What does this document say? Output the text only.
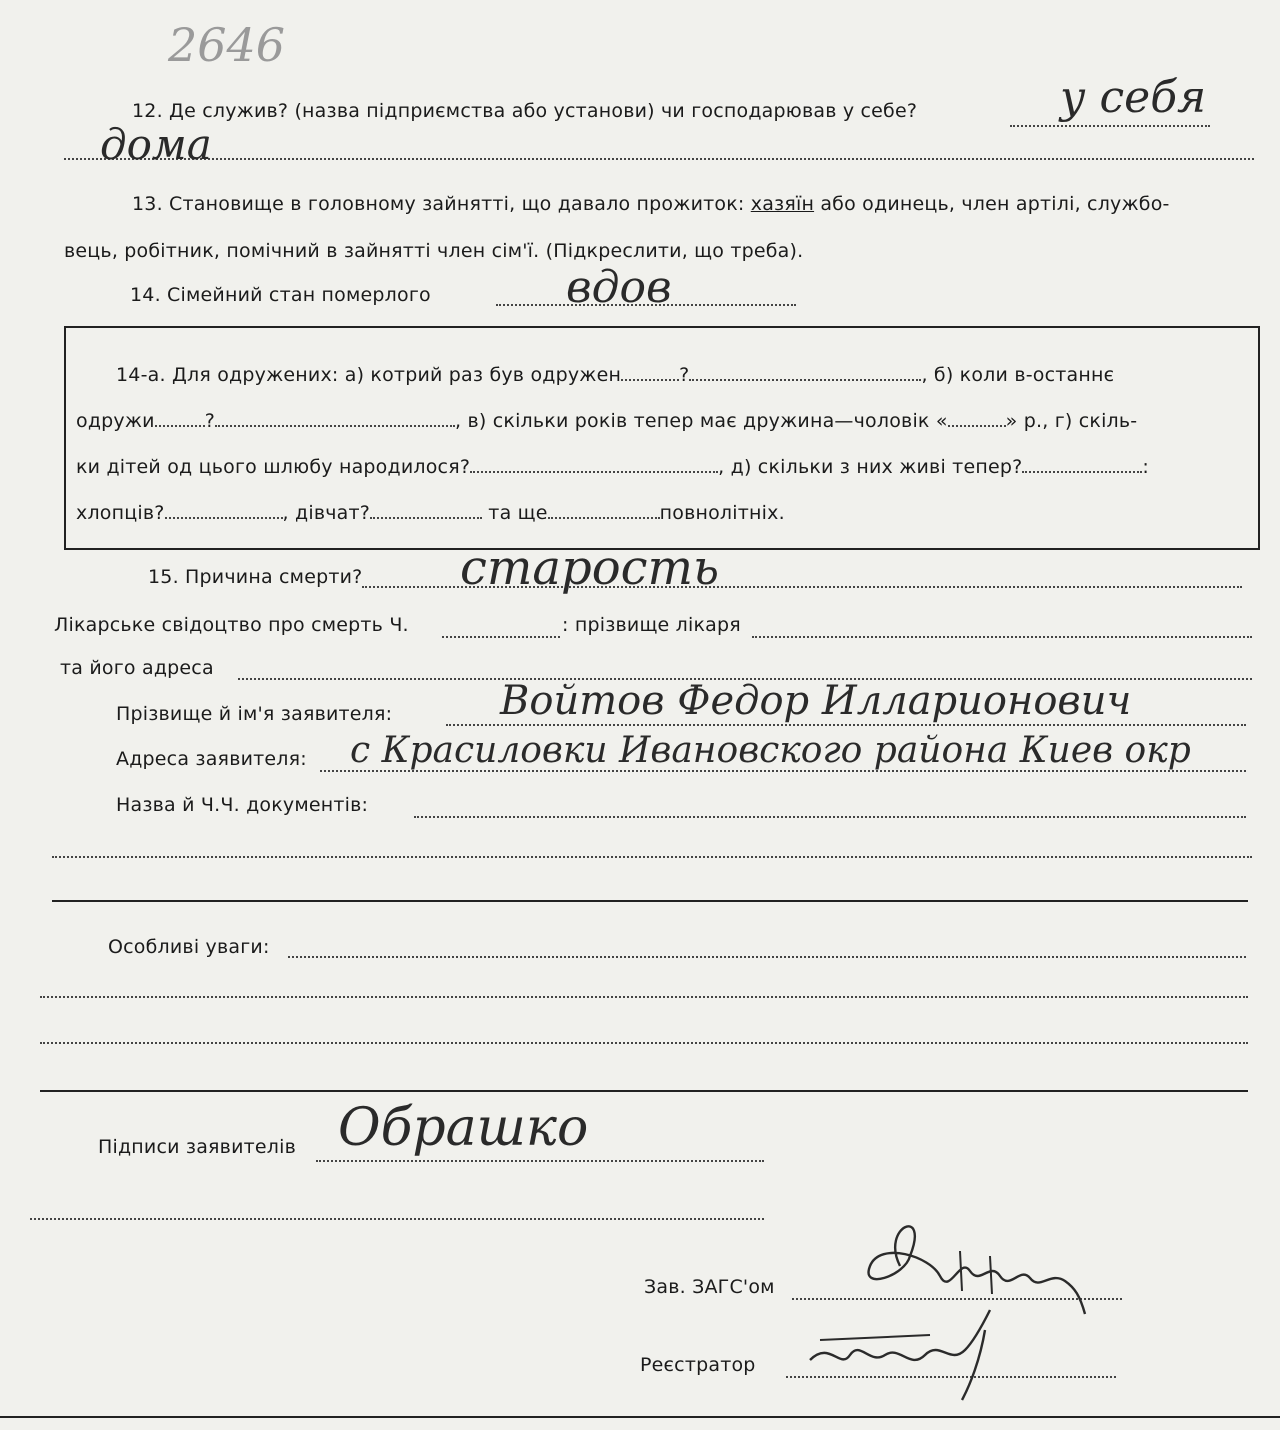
2646
12. Де служив? (назва підприємства або установи) чи господарював у себе?	у себя
дома
13. Становище в головному зайнятті, що давало прожиток: хазяїн або одинець, член артілі, службо-
вець, робітник, помічний в зайнятті член сім'ї. (Підкреслити, що треба).
14. Сімейний стан померлого	вдов
14-а. Для одружених: а) котрий раз був одружен	?	, б) коли в-останнє
одружи	?	, в) скільки років тепер має дружина—чоловік «	» р., г) скіль-
ки дітей од цього шлюбу народилося?	, д) скільки з них живі тепер?	:
хлопців?	, дівчат?	та ще	повнолітніх.
15. Причина смерти? старость
Лікарське свідоцтво про смерть Ч.	: прізвище лікаря
та його адреса
Прізвище й ім'я заявителя:	Войтов Федор Илларионович
Адреса заявителя: с Красиловки Ивановского района Киев окр
Назва й Ч.Ч. документів:
Особливі уваги:
Підписи заявителів Обрашко
Зав. ЗАГС'ом
Реєстратор
